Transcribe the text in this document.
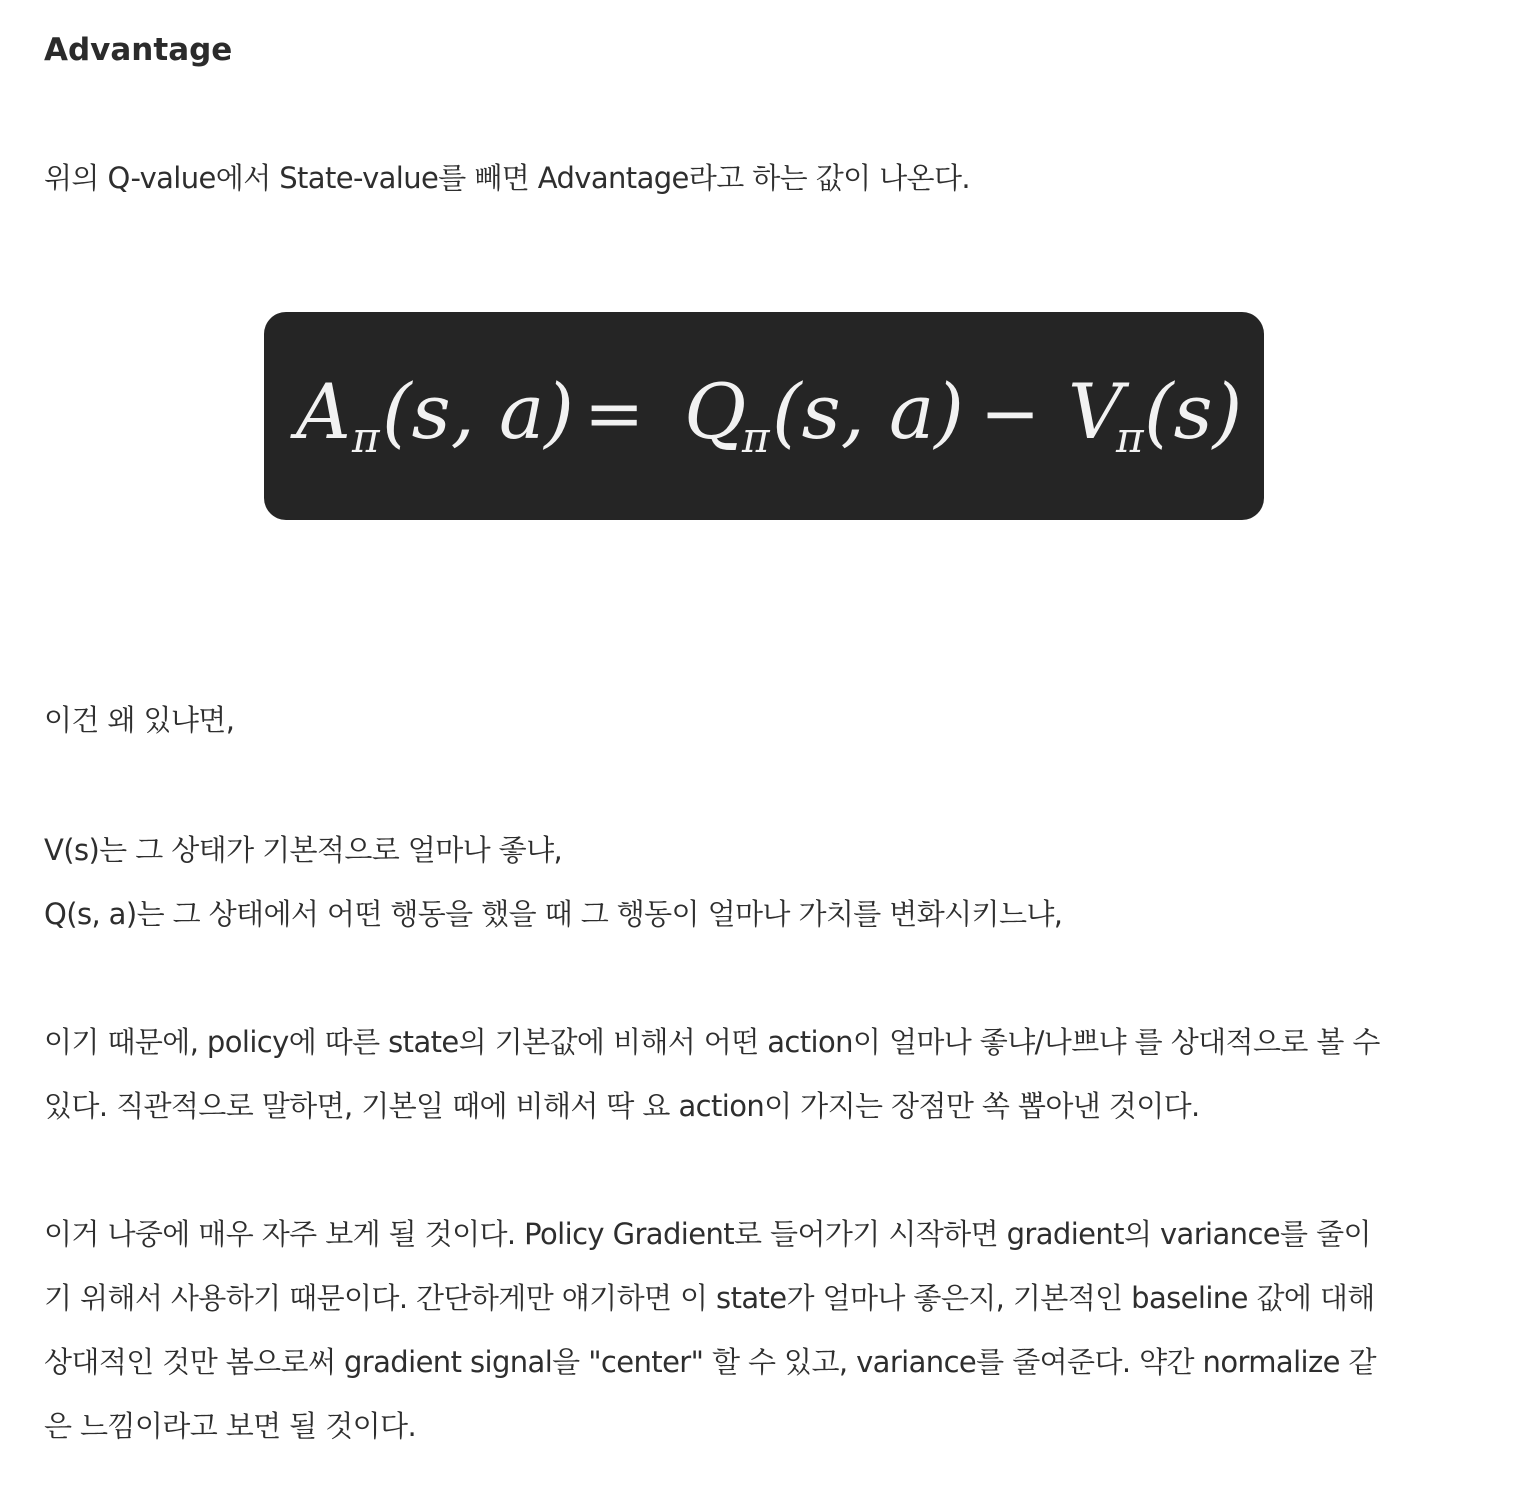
Advantage

위의 Q-value에서 State-value를 빼면 Advantage라고 하는 값이 나온다.

A π (s, a) = Q
π (s, a) − V
π (s)

이건 왜 있냐면,

V(s)는 그 상태가 기본적으로 얼마나 좋냐,

Q(s, a)는 그 상태에서 어떤 행동을 했을 때 그 행동이 얼마나 가치를 변화시키느냐,

이기 때문에, policy에 따른 state의 기본값에 비해서 어떤 action이 얼마나 좋냐/나쁘냐 를 상대적으로 볼 수

있다. 직관적으로 말하면, 기본일 때에 비해서 딱 요 action이 가지는 장점만 쏙 뽑아낸 것이다.

이거 나중에 매우 자주 보게 될 것이다. Policy Gradient로 들어가기 시작하면 gradient의 variance를 줄이

기 위해서 사용하기 때문이다. 간단하게만 얘기하면 이 state가 얼마나 좋은지, 기본적인 baseline 값에 대해

상대적인 것만 봄으로써 gradient signal을 "center" 할 수 있고, variance를 줄여준다. 약간 normalize 같

은 느낌이라고 보면 될 것이다.
